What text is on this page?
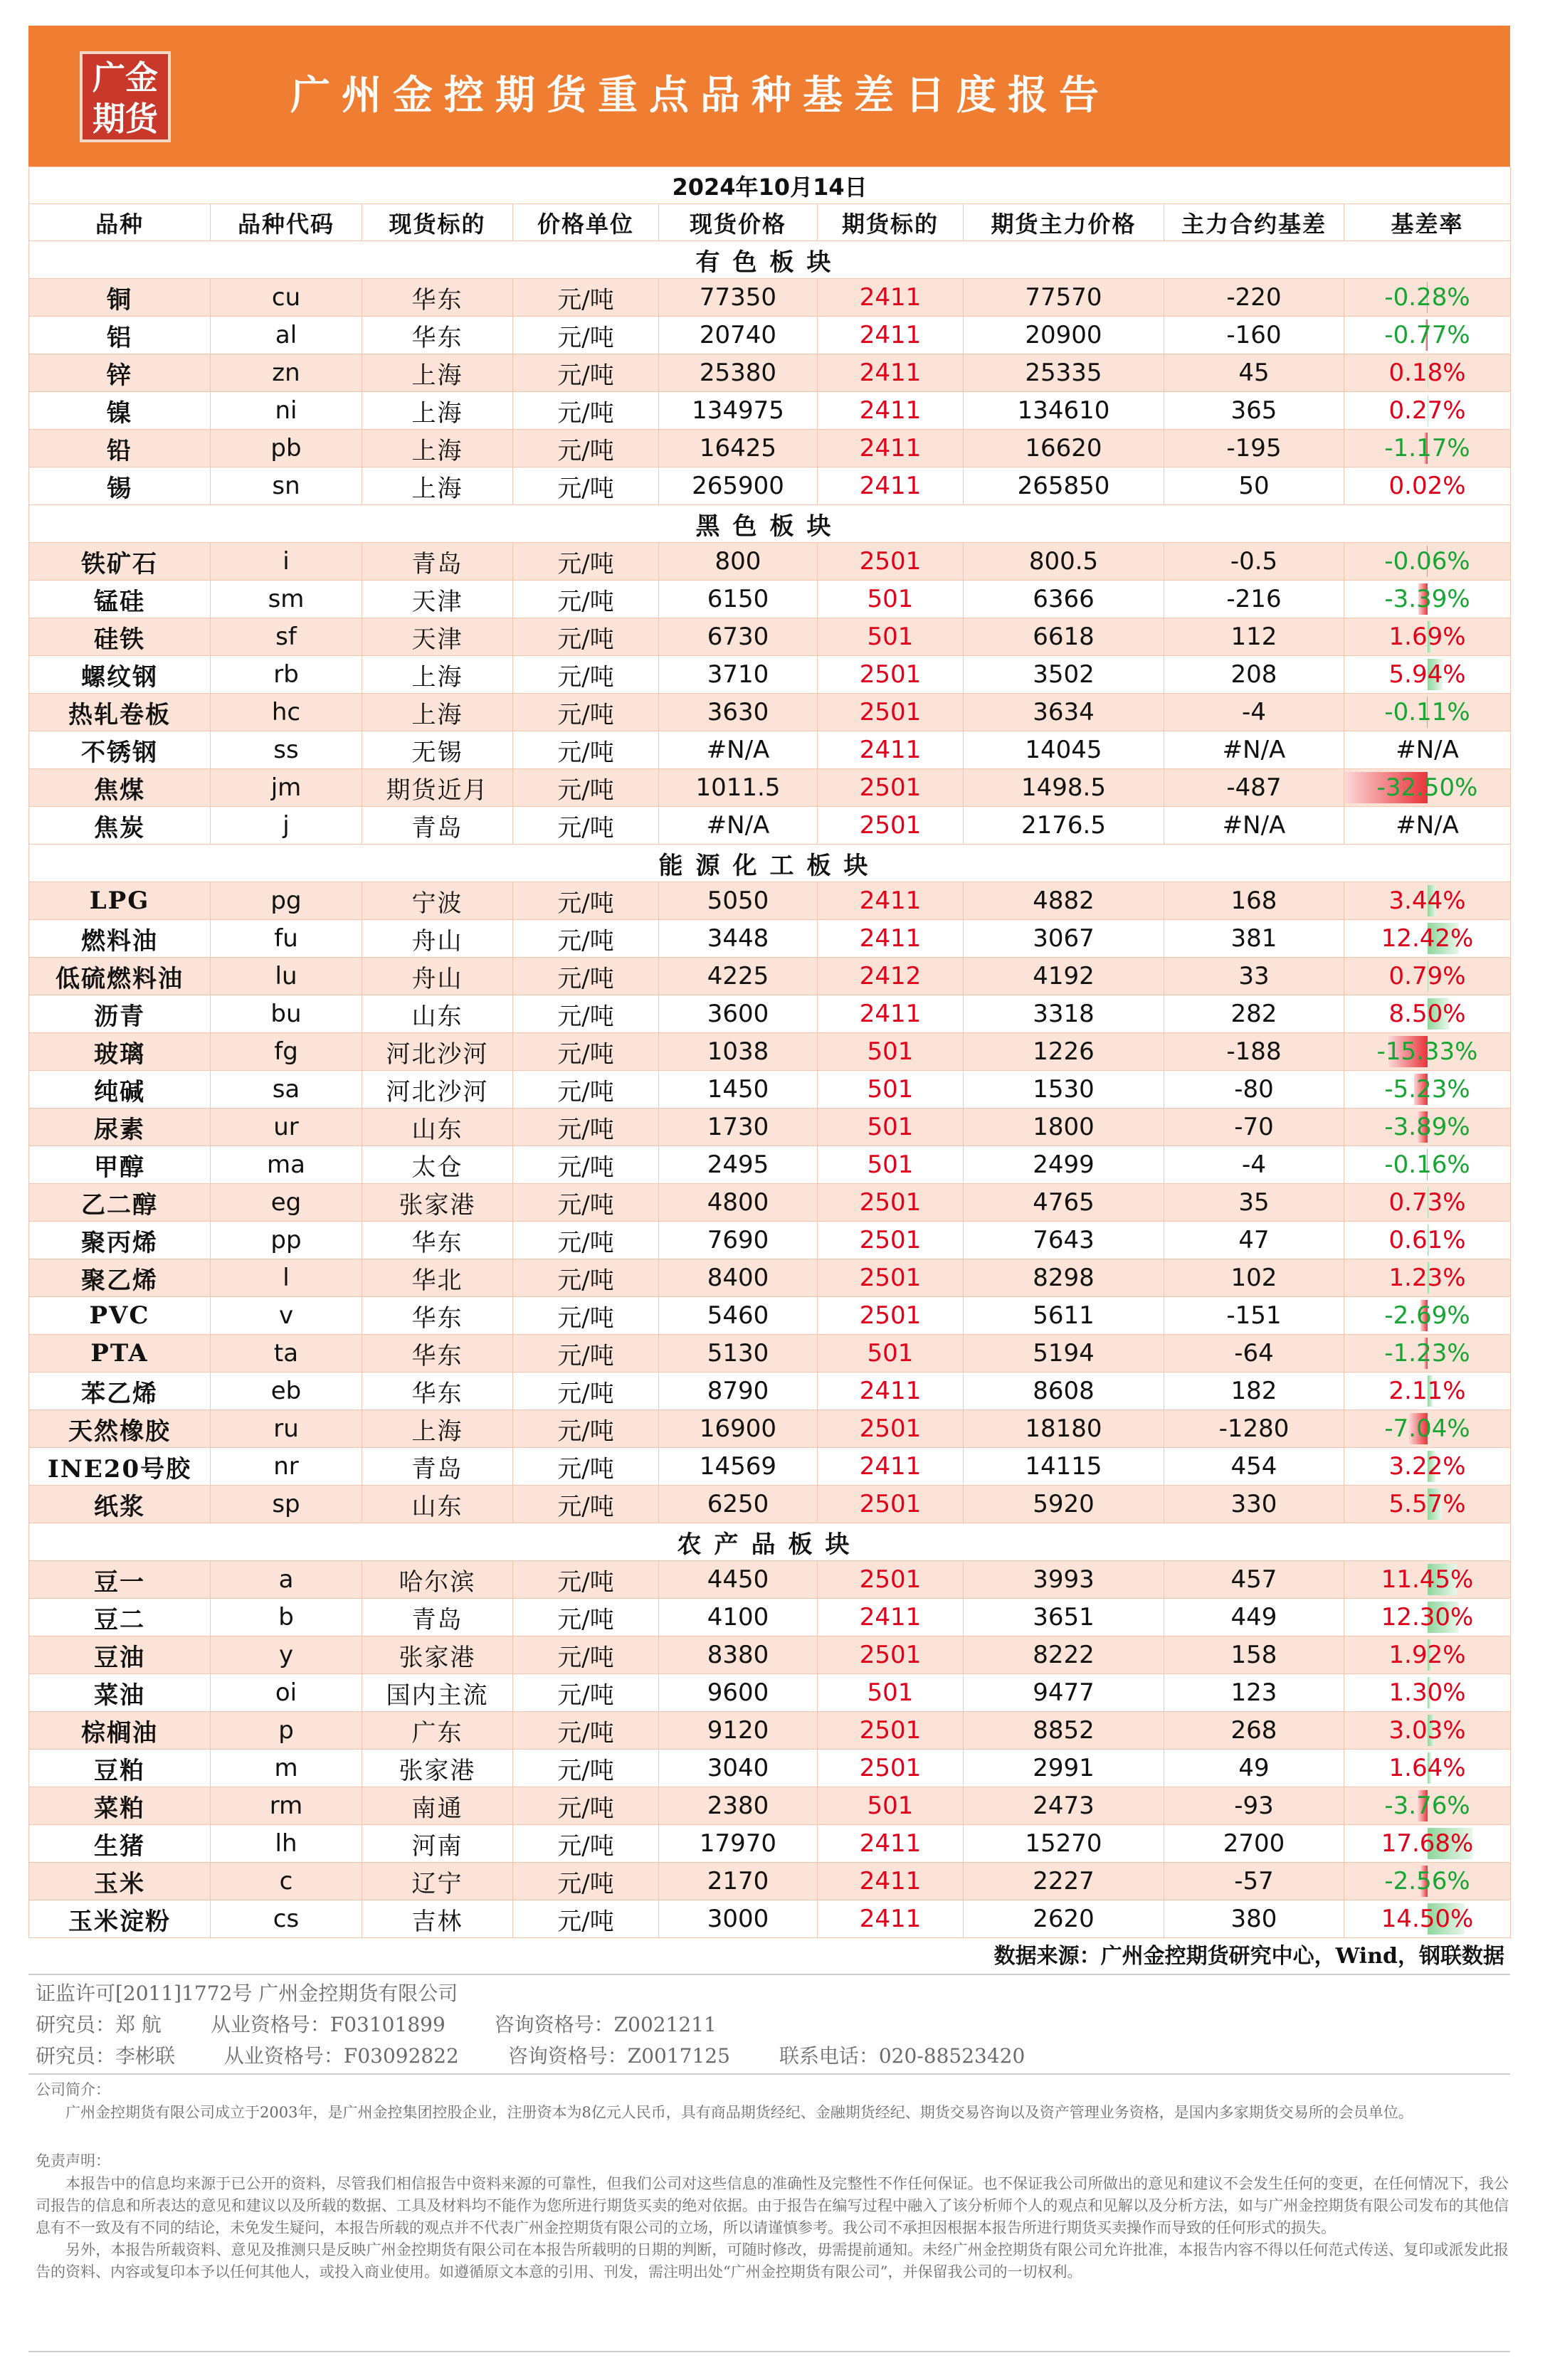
广金
期货	广州金控期货重点品种基差日度报告
2024年10月14日								
品种	品种代码	现货标的	价格单位	现货价格	期货标的	期货主力价格	主力合约基差	基差率
有色板块								
铜	cu	华东	元/吨	77350	2411	77570	-220	-0.28%
铝	al	华东	元/吨	20740	2411	20900	-160	-0.77%
锌	zn	上海	元/吨	25380	2411	25335	45	0.18%
镍	ni	上海	元/吨	134975	2411	134610	365	0.27%
铅	pb	上海	元/吨	16425	2411	16620	-195	-1.17%
锡	sn	上海	元/吨	265900	2411	265850	50	0.02%
黑色板块								
铁矿石	i	青岛	元/吨	800	2501	800.5	-0.5	-0.06%
锰硅	sm	天津	元/吨	6150	501	6366	-216	-3.39%
硅铁	sf	天津	元/吨	6730	501	6618	112	1.69%
螺纹钢	rb	上海	元/吨	3710	2501	3502	208	5.94%
热轧卷板	hc	上海	元/吨	3630	2501	3634	-4	-0.11%
不锈钢	ss	无锡	元/吨	#N/A	2411	14045	#N/A	#N/A
焦煤	jm	期货近月	元/吨	1011.5	2501	1498.5	-487	-32.50%
焦炭	j	青岛	元/吨	#N/A	2501	2176.5	#N/A	#N/A
能源化工板块								
LPG	pg	宁波	元/吨	5050	2411	4882	168	3.44%
燃料油	fu	舟山	元/吨	3448	2411	3067	381	12.42%
低硫燃料油	lu	舟山	元/吨	4225	2412	4192	33	0.79%
沥青	bu	山东	元/吨	3600	2411	3318	282	8.50%
玻璃	fg	河北沙河	元/吨	1038	501	1226	-188	-15.33%
纯碱	sa	河北沙河	元/吨	1450	501	1530	-80	-5.23%
尿素	ur	山东	元/吨	1730	501	1800	-70	-3.89%
甲醇	ma	太仓	元/吨	2495	501	2499	-4	-0.16%
乙二醇	eg	张家港	元/吨	4800	2501	4765	35	0.73%
聚丙烯	pp	华东	元/吨	7690	2501	7643	47	0.61%
聚乙烯	l	华北	元/吨	8400	2501	8298	102	1.23%
PVC	v	华东	元/吨	5460	2501	5611	-151	-2.69%
PTA	ta	华东	元/吨	5130	501	5194	-64	-1.23%
苯乙烯	eb	华东	元/吨	8790	2411	8608	182	2.11%
天然橡胶	ru	上海	元/吨	16900	2501	18180	-1280	-7.04%
INE20号胶	nr	青岛	元/吨	14569	2411	14115	454	3.22%
纸浆	sp	山东	元/吨	6250	2501	5920	330	5.57%
农产品板块								
豆一	a	哈尔滨	元/吨	4450	2501	3993	457	11.45%
豆二	b	青岛	元/吨	4100	2411	3651	449	12.30%
豆油	y	张家港	元/吨	8380	2501	8222	158	1.92%
菜油	oi	国内主流	元/吨	9600	501	9477	123	1.30%
棕榈油	p	广东	元/吨	9120	2501	8852	268	3.03%
豆粕	m	张家港	元/吨	3040	2501	2991	49	1.64%
菜粕	rm	南通	元/吨	2380	501	2473	-93	-3.76%
生猪	lh	河南	元/吨	17970	2411	15270	2700	17.68%
玉米	c	辽宁	元/吨	2170	2411	2227	-57	-2.56%
玉米淀粉	cs	吉林	元/吨	3000	2411	2620	380	14.50%
数据来源：广州金控期货研究中心，Wind，钢联数据
证监许可[2011]1772号 广州金控期货有限公司
研究员：郑 航 从业资格号：F03101899 咨询资格号：Z0021211
研究员：李彬联 从业资格号：F03092822 咨询资格号：Z0017125 联系电话：020-88523420
公司简介：

广州金控期货有限公司成立于2003年，是广州金控集团控股企业，注册资本为8亿元人民币，具有商品期货经纪、金融期货经纪、期货交易咨询以及资产管理业务资格，是国内多家期货交易所的会员单位。

免责声明：

本报告中的信息均来源于已公开的资料，尽管我们相信报告中资料来源的可靠性，但我们公司对这些信息的准确性及完整性不作任何保证。也不保证我公司所做出的意见和建议不会发生任何的变更，在任何情况下，我公司报告的信息和所表达的意见和建议以及所载的数据、工具及材料均不能作为您所进行期货买卖的绝对依据。由于报告在编写过程中融入了该分析师个人的观点和见解以及分析方法，如与广州金控期货有限公司发布的其他信息有不一致及有不同的结论，未免发生疑问，本报告所载的观点并不代表广州金控期货有限公司的立场，所以请谨慎参考。我公司不承担因根据本报告所进行期货买卖操作而导致的任何形式的损失。

另外，本报告所载资料、意见及推测只是反映广州金控期货有限公司在本报告所载明的日期的判断，可随时修改，毋需提前通知。未经广州金控期货有限公司允许批准，本报告内容不得以任何范式传送、复印或派发此报告的资料、内容或复印本予以任何其他人，或投入商业使用。如遵循原文本意的引用、刊发，需注明出处“广州金控期货有限公司”，并保留我公司的一切权利。
